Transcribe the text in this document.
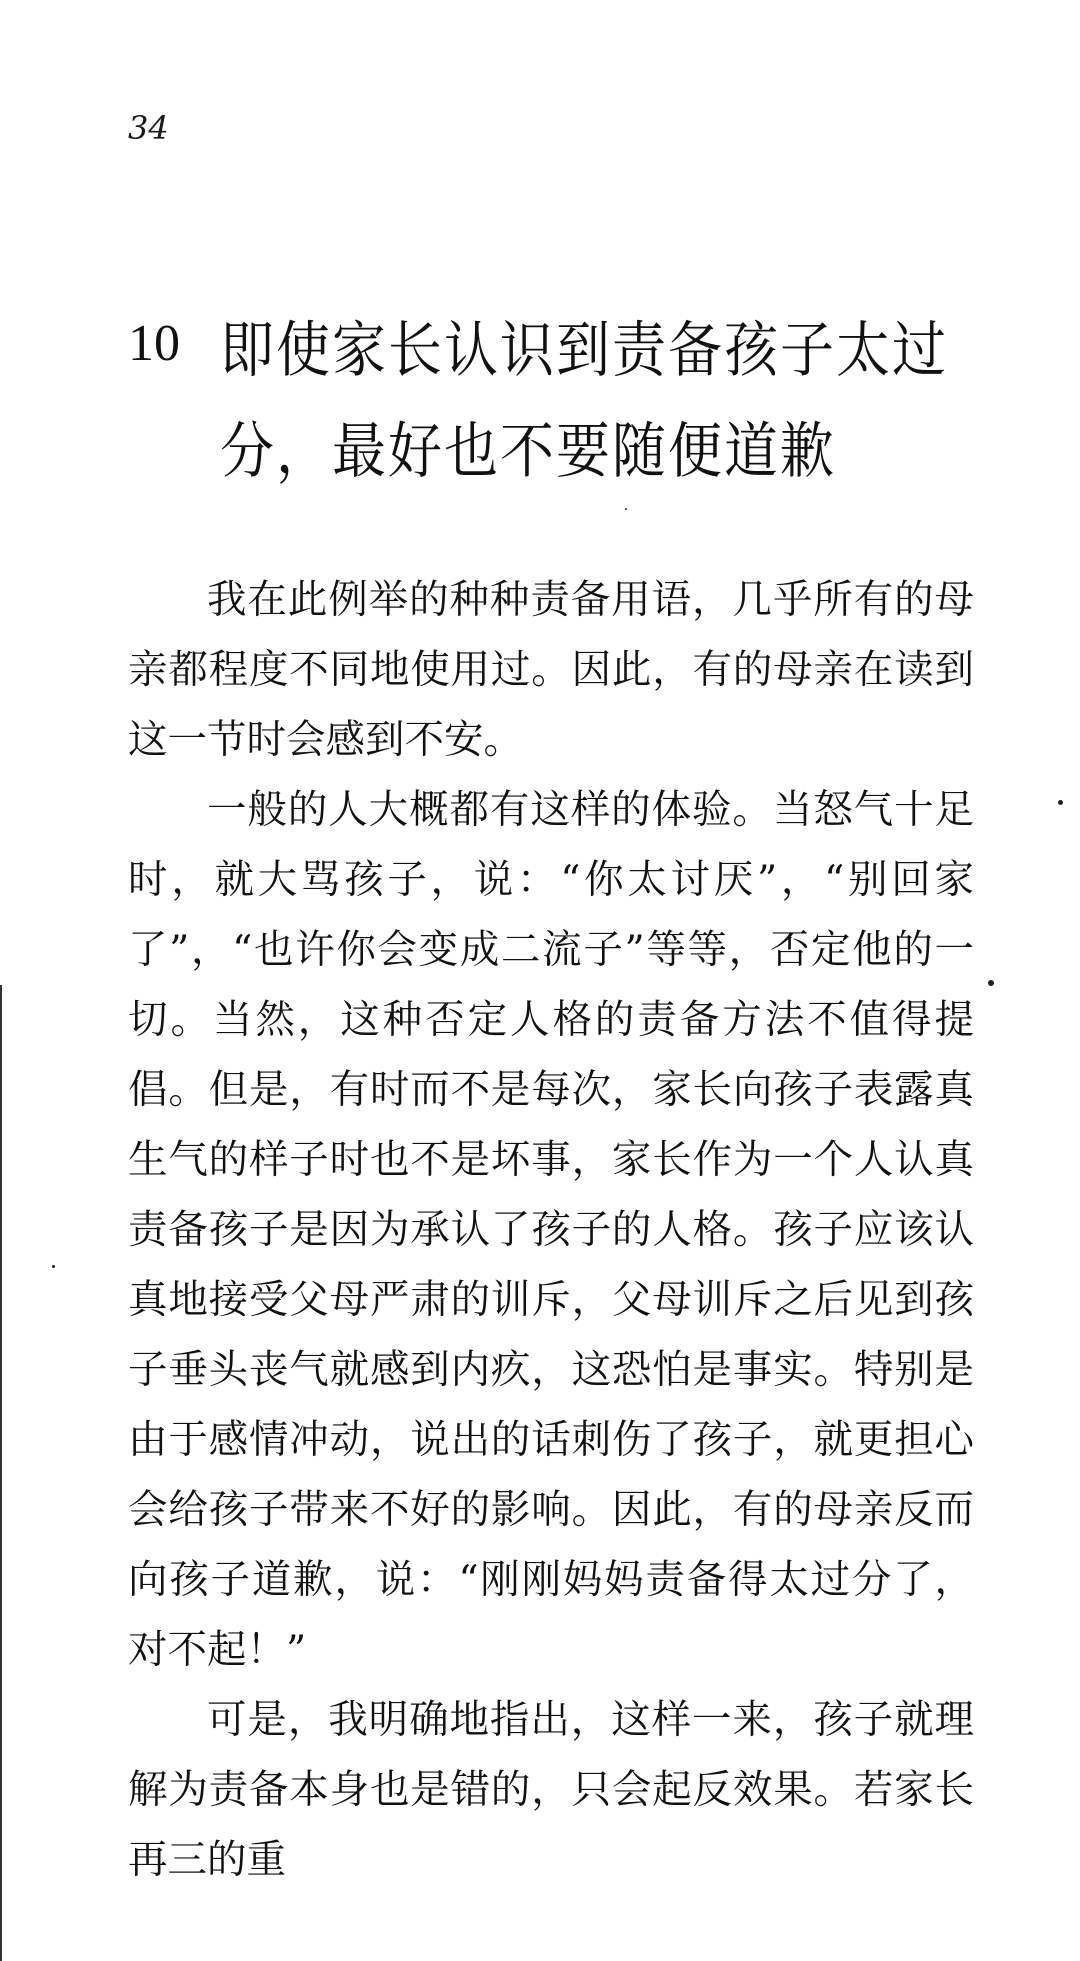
34
10 即使家长认识到责备孩子太过分，最好也不要随便道歉

我在此例举的种种责备用语，几乎所有的母亲都程度不同地使用过。因此，有的母亲在读到这一节时会感到不安。

一般的人大概都有这样的体验。当怒气十足时，就大骂孩子，说：“你太讨厌”，“别回家了”，“也许你会变成二流子”等等，否定他的一切。当然，这种否定人格的责备方法不值得提倡。但是，有时而不是每次，家长向孩子表露真生气的样子时也不是坏事，家长作为一个人认真责备孩子是因为承认了孩子的人格。孩子应该认真地接受父母严肃的训斥，父母训斥之后见到孩子垂头丧气就感到内疚，这恐怕是事实。特别是由于感情冲动，说出的话刺伤了孩子，就更担心会给孩子带来不好的影响。因此，有的母亲反而向孩子道歉，说：“刚刚妈妈责备得太过分了，对不起！”

可是，我明确地指出，这样一来，孩子就理解为责备本身也是错的，只会起反效果。若家长再三的重
